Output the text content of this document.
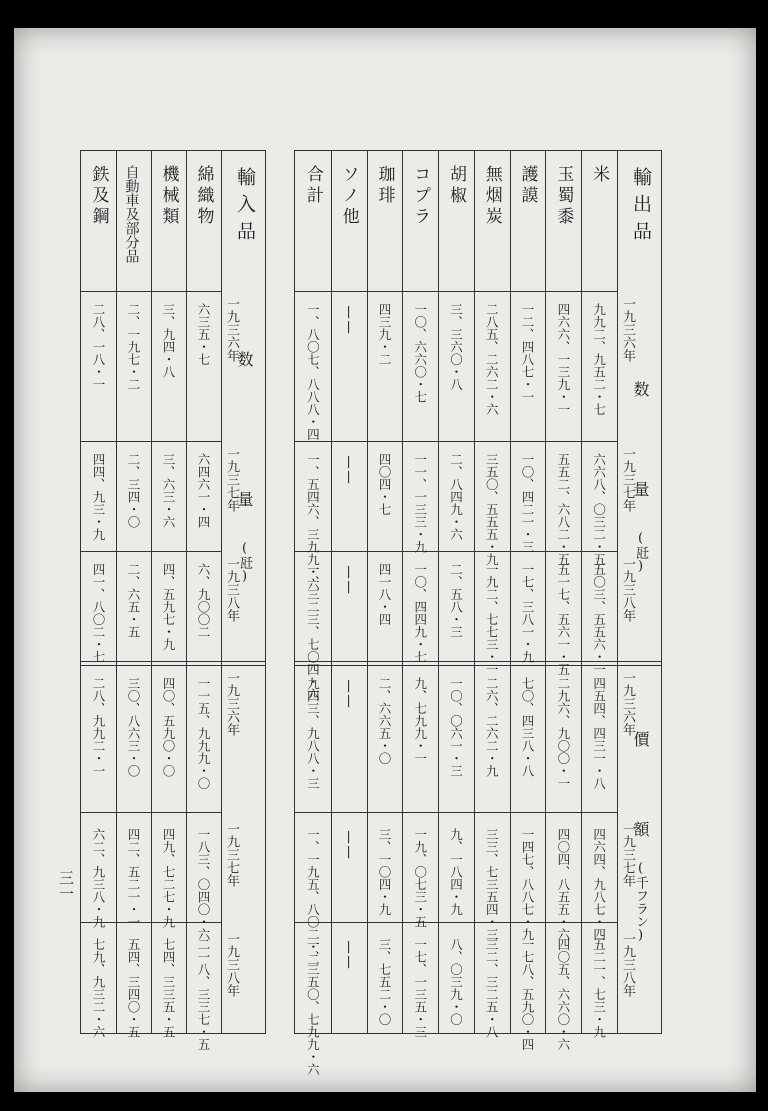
輸出品
数
量
(瓩)
價
額
(千フラン)
米
九九二、九五二・七
六六八、〇三二・五
五〇三、五五六・一
四五四、四三一・八
四六四、九八七・四
五二一、七三・九
玉蜀黍
四六六、一三九・一
五五二、六八二・五
五一七、五六一・五
二九六、九〇〇・一
四〇四、八五五・六
四〇五、六六〇・六
護謨
一二、四八七・一
一〇、四二一・三
一七、三八一・九
七〇、四三八・八
一四七、八八七・九
一七八、五九〇・四
無烟炭
二八五、二六二・六
三五〇、五五五・九
一九二、七七三・一
二六、二六二・九
三三、七三五四・三
三二、三二五・八
胡椒
三、三六〇・八
二、八四九・六
二、五八・三
一〇、〇六一・三
九、一八四・九
八、〇三九・〇
コプラ
一〇、六六〇・七
一一、一三三・九
一〇、四四九・七
九、七九九・一
一九、〇七三・五
一七、一三五・三
珈琲
四三九・二
四〇四・七
四一八・四
二、六六五・〇
三、一〇四・九
三、七五二・〇
ソノ他
||
||
||
||
||
||
合計
一、八〇七、八八八・四
一、五四六、三九九・六
一、三二三、七〇四・六
九四三、九八八・三
一、一九五、八〇二・二
一、三五〇、七九九・六
一九三六年
一九三七年
一九三八年
一九三六年
一九三七年
一九三八年
輸入品
数
量
(瓩)
綿織物
六三五・七
六四六一・四
六、九〇〇二
一一五、九九九・〇
一八三、〇四〇・六
二一八、三三七・五
機械類
三、九四・八
三、六三・六
四、五九七・九
四〇、五九〇・〇
四九、七二七・九
七四、三三五・五
自動車及部分品
二、一九七・二
二、三四・〇
二、六五・五
三〇、八六三・〇
四二、五二一・一
五四、三四〇・五
鉄及鋼
二八、一八・一
四四、九三・九
四一、八〇二・七
二八、九九二・一
六二、九三八・九
七九、九三二・六
一九三六年
一九三七年
一九三八年
一九三六年
一九三七年
一九三八年
三一
